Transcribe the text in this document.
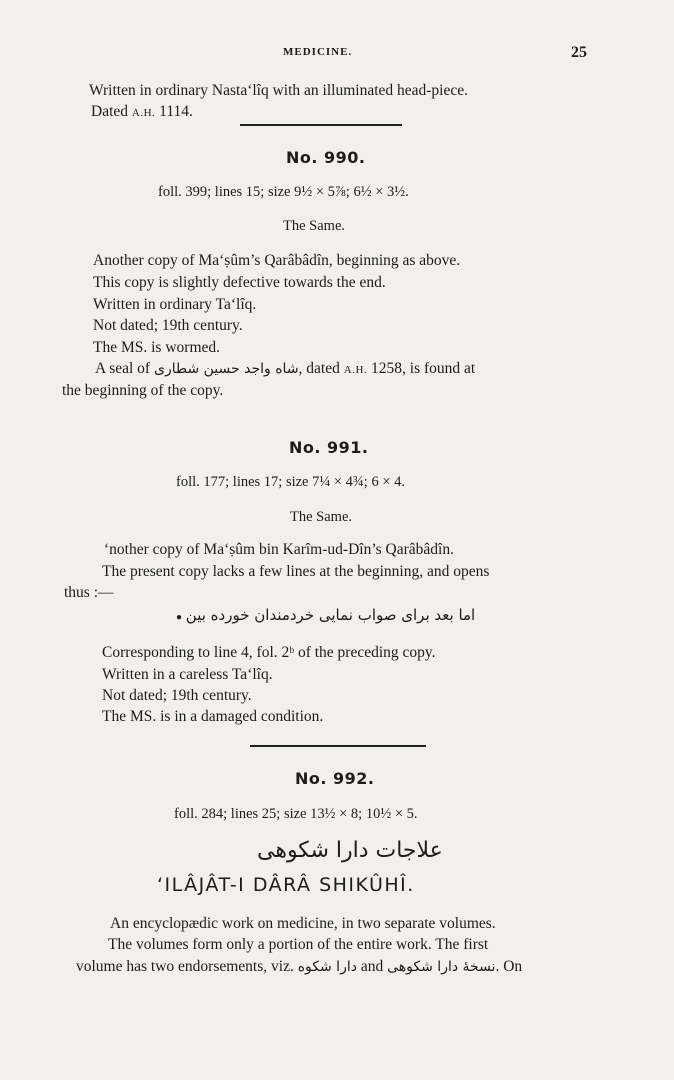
MEDICINE.	25
Written in ordinary Nasta‘lîq with an illuminated head-piece.
Dated A.H. 1114.
No. 990.
foll. 399; lines 15; size 9½ × 5⅞; 6½ × 3½.
The Same.
Another copy of Ma‘ṣûm’s Qarâbâdîn, beginning as above.
This copy is slightly defective towards the end.
Written in ordinary Ta‘lîq.
Not dated; 19th century.
The MS. is wormed.
A seal of شاه واجد حسین شطاری, dated A.H. 1258, is found at
the beginning of the copy.
No. 991.
foll. 177; lines 17; size 7¼ × 4¾; 6 × 4.
The Same.
‘nother copy of Ma‘ṣûm bin Karîm-ud-Dîn’s Qarâbâdîn.
The present copy lacks a few lines at the beginning, and opens
thus :—
● اما بعد برای صواب نمایی خردمندان خورده بین
Corresponding to line 4, fol. 2ᵇ of the preceding copy.
Written in a careless Ta‘lîq.
Not dated; 19th century.
The MS. is in a damaged condition.
No. 992.
foll. 284; lines 25; size 13½ × 8; 10½ × 5.
علاجات دارا شکوهی
‘ILÂJÂT-I DÂRÂ SHIKÛHÎ.
An encyclopædic work on medicine, in two separate volumes.
The volumes form only a portion of the entire work. The first
volume has two endorsements, viz. دارا شکوه and نسخهٔ دارا شکوهی. On
